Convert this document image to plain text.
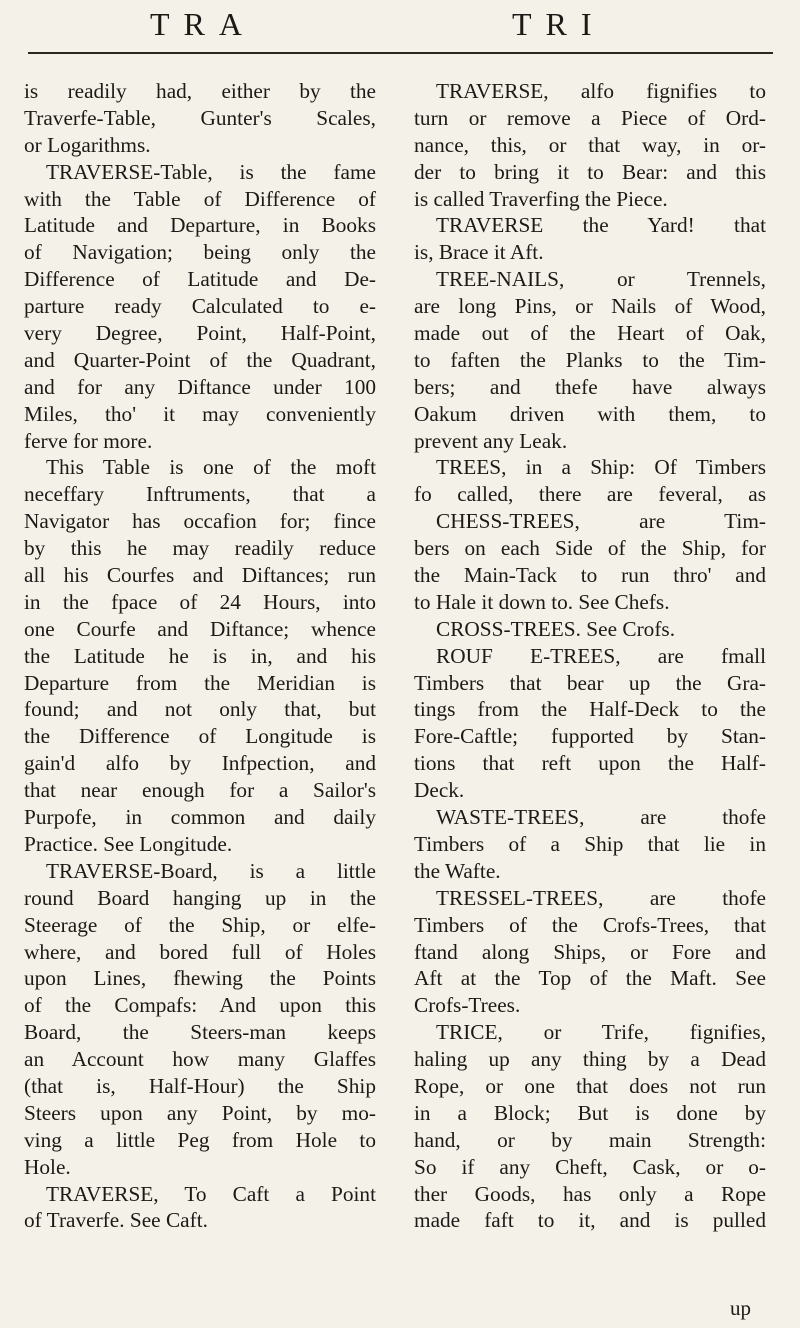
TRA	TRI
is readily had, either by the
Traverfe-Table, Gunter's Scales,
or Logarithms.
TRAVERSE-Table, is the fame
with the Table of Difference of
Latitude and Departure, in Books
of Navigation; being only the
Difference of Latitude and De-
parture ready Calculated to e-
very Degree, Point, Half-Point,
and Quarter-Point of the Quadrant,
and for any Diftance under 100
Miles, tho' it may conveniently
ferve for more.
This Table is one of the moft
neceffary Inftruments, that a
Navigator has occafion for; fince
by this he may readily reduce
all his Courfes and Diftances; run
in the fpace of 24 Hours, into
one Courfe and Diftance; whence
the Latitude he is in, and his
Departure from the Meridian is
found; and not only that, but
the Difference of Longitude is
gain'd alfo by Infpection, and
that near enough for a Sailor's
Purpofe, in common and daily
Practice. See Longitude.
TRAVERSE-Board, is a little
round Board hanging up in the
Steerage of the Ship, or elfe-
where, and bored full of Holes
upon Lines, fhewing the Points
of the Compafs: And upon this
Board, the Steers-man keeps
an Account how many Glaffes
(that is, Half-Hour) the Ship
Steers upon any Point, by mo-
ving a little Peg from Hole to
Hole.
TRAVERSE, To Caft a Point
of Traverfe. See Caft.
TRAVERSE, alfo fignifies to
turn or remove a Piece of Ord-
nance, this, or that way, in or-
der to bring it to Bear: and this
is called Traverfing the Piece.
TRAVERSE the Yard! that
is, Brace it Aft.
TREE-NAILS, or Trennels,
are long Pins, or Nails of Wood,
made out of the Heart of Oak,
to faften the Planks to the Tim-
bers; and thefe have always
Oakum driven with them, to
prevent any Leak.
TREES, in a Ship: Of Timbers
fo called, there are feveral, as
CHESS-TREES, are Tim-
bers on each Side of the Ship, for
the Main-Tack to run thro' and
to Hale it down to. See Chefs.
CROSS-TREES. See Crofs.
ROUF E-TREES, are fmall
Timbers that bear up the Gra-
tings from the Half-Deck to the
Fore-Caftle; fupported by Stan-
tions that reft upon the Half-
Deck.
WASTE-TREES, are thofe
Timbers of a Ship that lie in
the Wafte.
TRESSEL-TREES, are thofe
Timbers of the Crofs-Trees, that
ftand along Ships, or Fore and
Aft at the Top of the Maft. See
Crofs-Trees.
TRICE, or Trife, fignifies,
haling up any thing by a Dead
Rope, or one that does not run
in a Block; But is done by
hand, or by main Strength:
So if any Cheft, Cask, or o-
ther Goods, has only a Rope
made faft to it, and is pulled
up
